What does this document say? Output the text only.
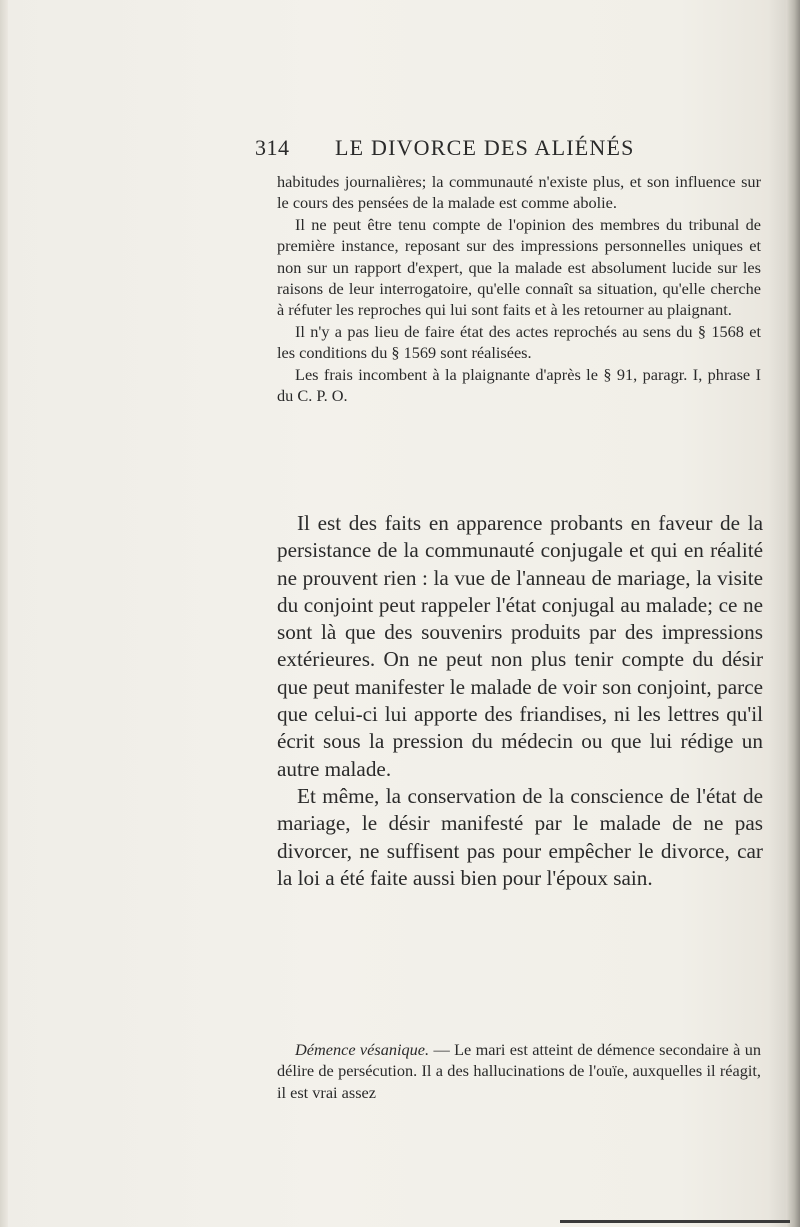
314 LE DIVORCE DES ALIÉNÉS

habitudes journalières; la communauté n'existe plus, et son influence sur le cours des pensées de la malade est comme abolie.

Il ne peut être tenu compte de l'opinion des membres du tribunal de première instance, reposant sur des impressions personnelles uniques et non sur un rapport d'expert, que la malade est absolument lucide sur les raisons de leur interrogatoire, qu'elle connaît sa situation, qu'elle cherche à réfuter les reproches qui lui sont faits et à les retourner au plaignant.

Il n'y a pas lieu de faire état des actes reprochés au sens du § 1568 et les conditions du § 1569 sont réalisées.

Les frais incombent à la plaignante d'après le § 91, paragr. I, phrase I du C. P. O.

Il est des faits en apparence probants en faveur de la persistance de la communauté conjugale et qui en réalité ne prouvent rien : la vue de l'anneau de mariage, la visite du conjoint peut rappeler l'état conjugal au malade; ce ne sont là que des souvenirs produits par des impressions extérieures. On ne peut non plus tenir compte du désir que peut manifester le malade de voir son conjoint, parce que celui-ci lui apporte des friandises, ni les lettres qu'il écrit sous la pression du médecin ou que lui rédige un autre malade.

Et même, la conservation de la conscience de l'état de mariage, le désir manifesté par le malade de ne pas divorcer, ne suffisent pas pour empêcher le divorce, car la loi a été faite aussi bien pour l'époux sain.

Démence vésanique. — Le mari est atteint de démence secondaire à un délire de persécution. Il a des hallucinations de l'ouïe, auxquelles il réagit, il est vrai assez
